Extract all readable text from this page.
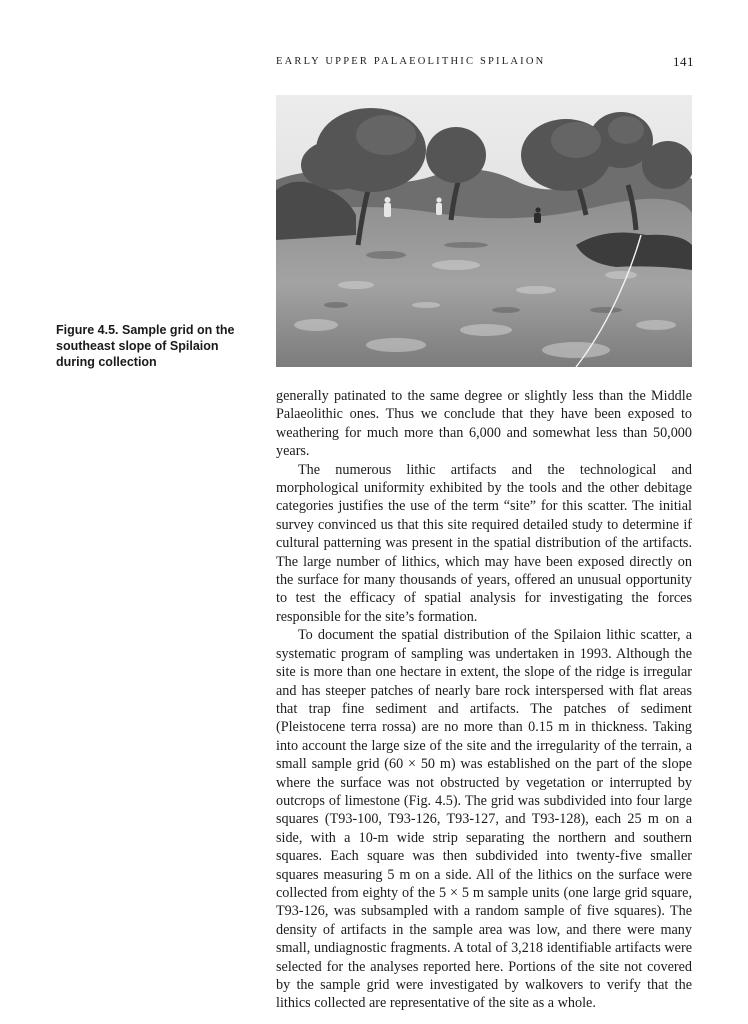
EARLY UPPER PALAEOLITHIC SPILAION	141
Figure 4.5. Sample grid on the southeast slope of Spilaion during collection

generally patinated to the same degree or slightly less than the Middle Palaeolithic ones. Thus we conclude that they have been exposed to weathering for much more than 6,000 and somewhat less than 50,000 years.

The numerous lithic artifacts and the technological and morphological uniformity exhibited by the tools and the other debitage categories justifies the use of the term “site” for this scatter. The initial survey convinced us that this site required detailed study to determine if cultural patterning was present in the spatial distribution of the artifacts. The large number of lithics, which may have been exposed directly on the surface for many thousands of years, offered an unusual opportunity to test the efficacy of spatial analysis for investigating the forces responsible for the site’s formation.

To document the spatial distribution of the Spilaion lithic scatter, a systematic program of sampling was undertaken in 1993. Although the site is more than one hectare in extent, the slope of the ridge is irregular and has steeper patches of nearly bare rock interspersed with flat areas that trap fine sediment and artifacts. The patches of sediment (Pleistocene terra rossa) are no more than 0.15 m in thickness. Taking into account the large size of the site and the irregularity of the terrain, a small sample grid (60 × 50 m) was established on the part of the slope where the surface was not obstructed by vegetation or interrupted by outcrops of limestone (Fig. 4.5). The grid was subdivided into four large squares (T93-100, T93-126, T93-127, and T93-128), each 25 m on a side, with a 10-m wide strip separating the northern and southern squares. Each square was then subdivided into twenty-five smaller squares measuring 5 m on a side. All of the lithics on the surface were collected from eighty of the 5 × 5 m sample units (one large grid square, T93-126, was subsampled with a random sample of five squares). The density of artifacts in the sample area was low, and there were many small, undiagnostic fragments. A total of 3,218 identifiable artifacts were selected for the analyses reported here. Portions of the site not covered by the sample grid were investigated by walkovers to verify that the lithics collected are representative of the site as a whole.
